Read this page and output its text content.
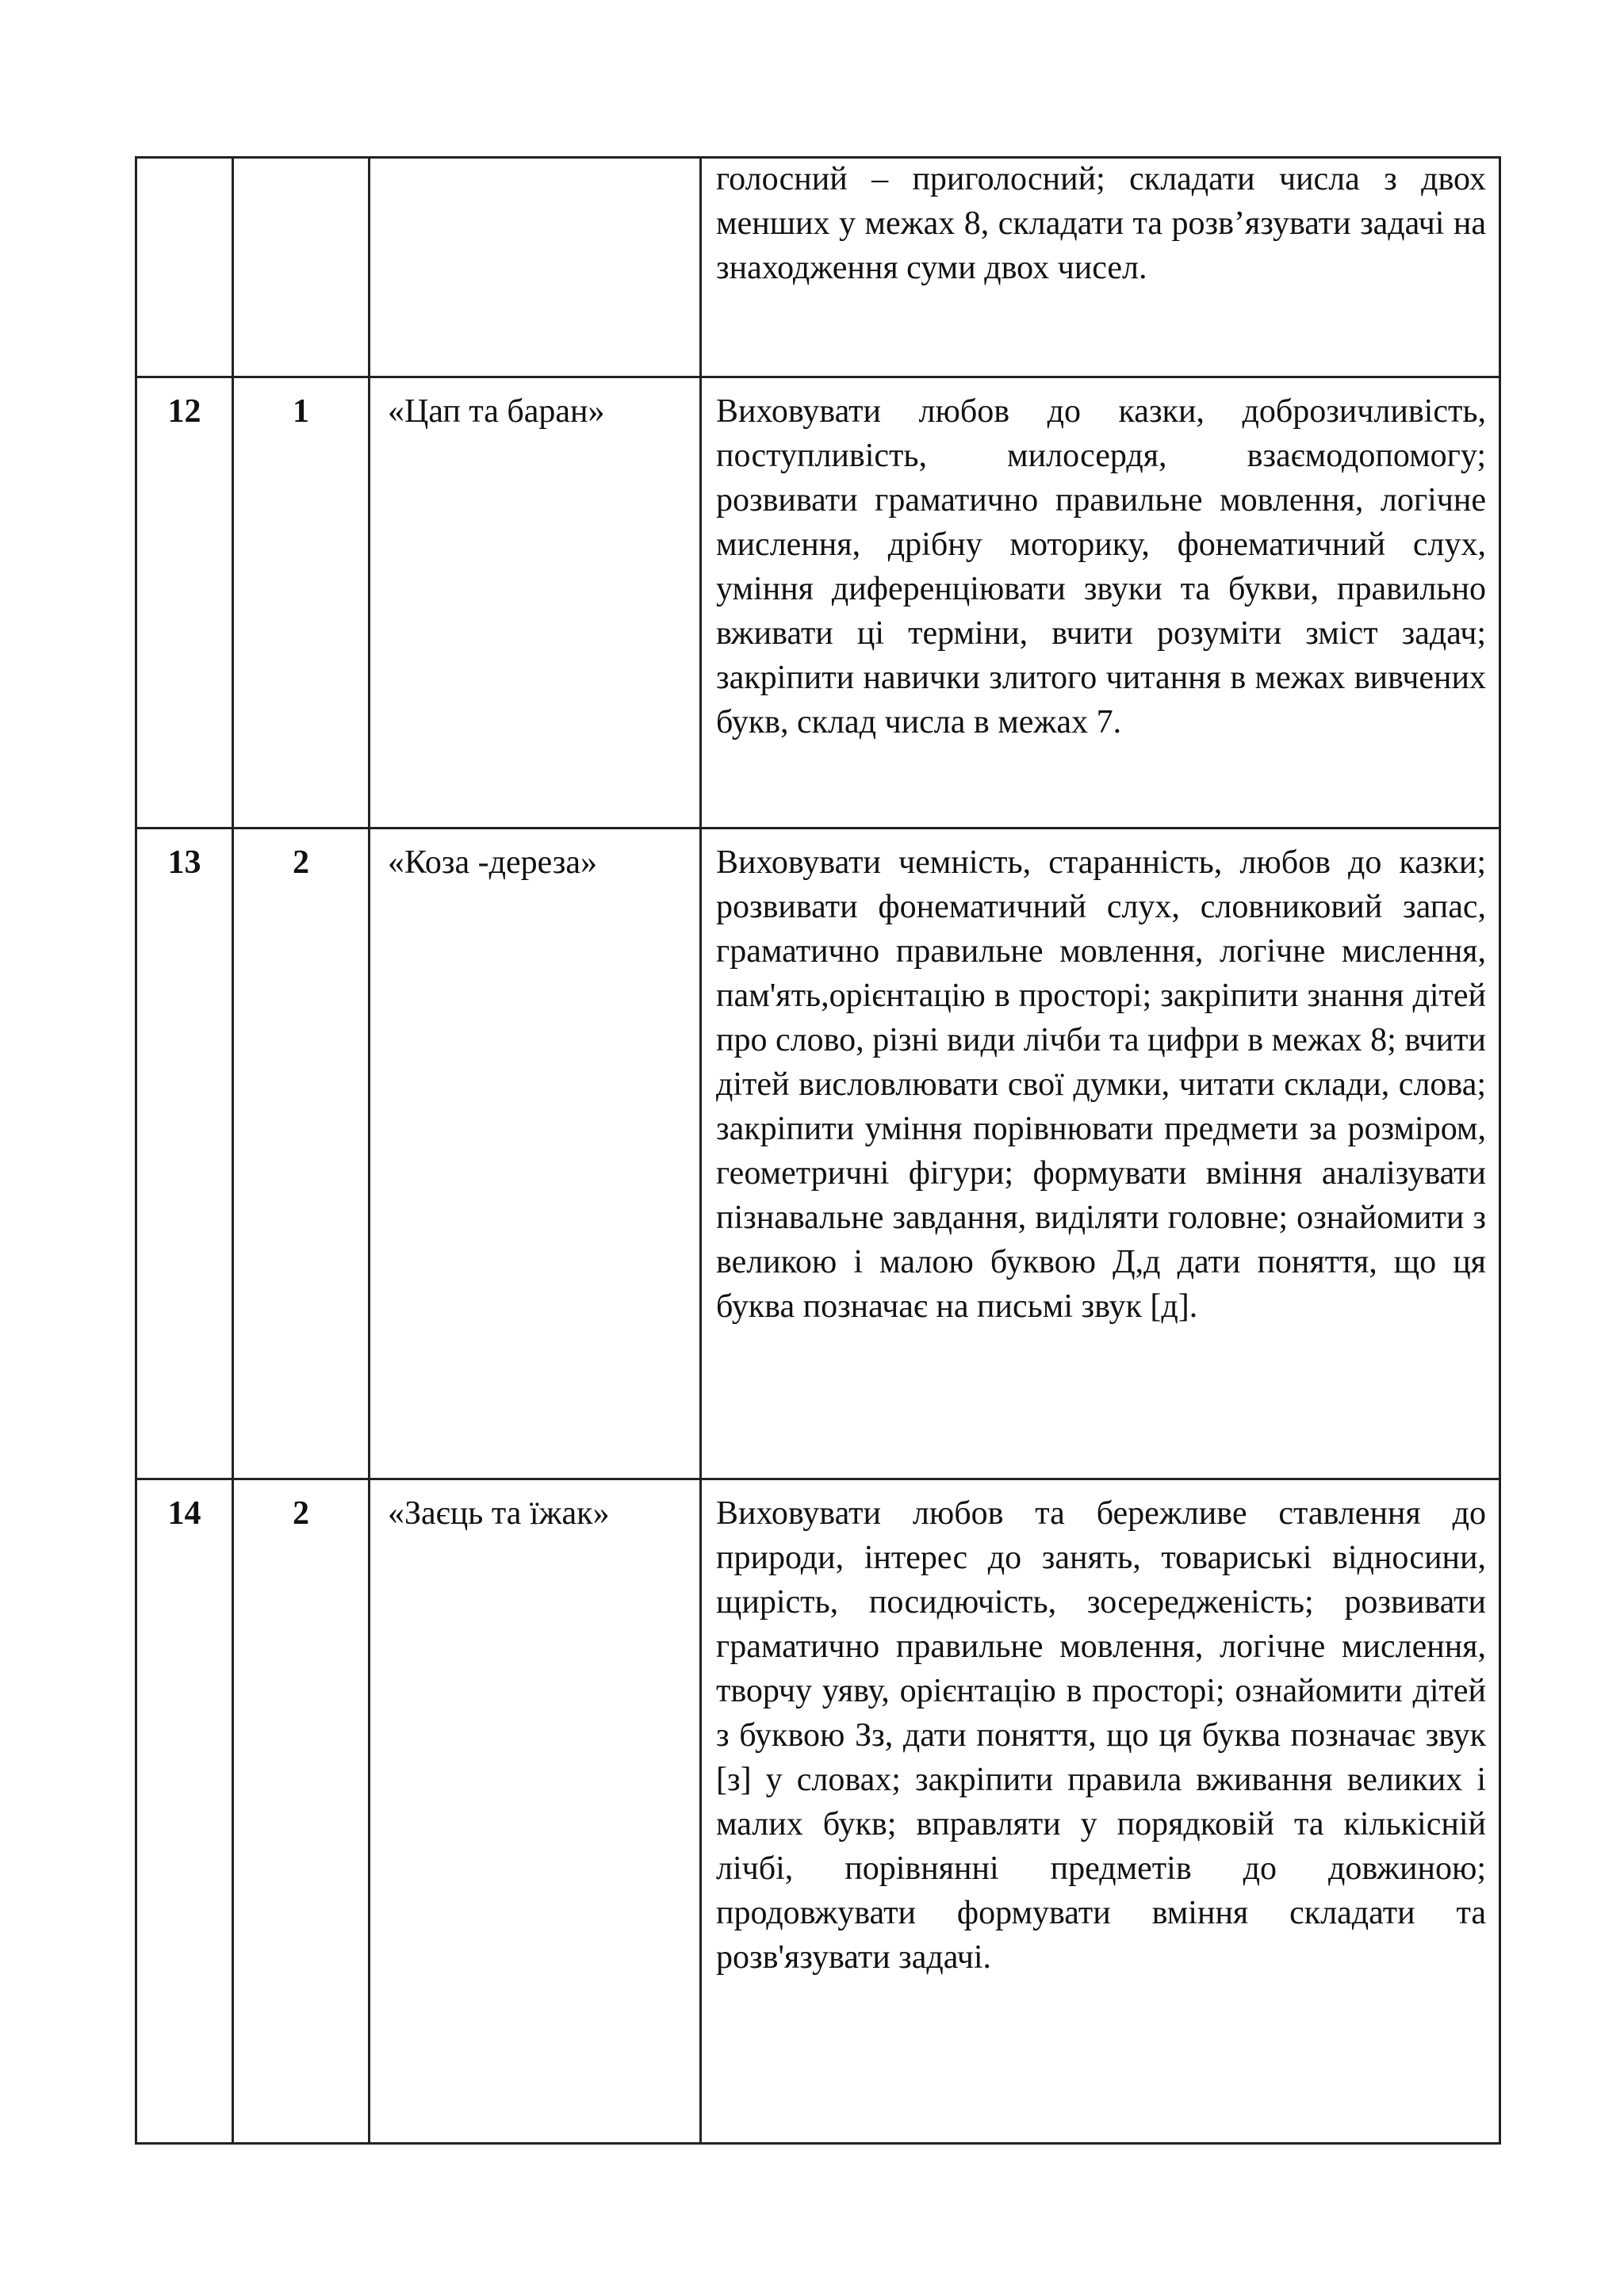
			голосний – приголосний; складати числа з двох менших у межах 8, складати та розв’язувати задачі на знаходження суми двох чисел.

12	1	«Цап та баран»	Виховувати любов до казки, доброзичливість, поступливість, милосердя, взаємодопомогу; розвивати граматично правильне мовлення, логічне мислення, дрібну моторику, фонематичний слух, уміння диференціювати звуки та букви, правильно вживати ці терміни, вчити розуміти зміст задач; закріпити навички злитого читання в межах вивчених букв, склад числа в межах 7.

13	2	«Коза -дереза»	Виховувати чемність, старанність, любов до казки; розвивати фонематичний слух, словниковий запас, граматично правильне мовлення, логічне мислення, пам'ять,орієнтацію в просторі; закріпити знання дітей про слово, різні види лічби та цифри в межах 8; вчити дітей висловлювати свої думки, читати склади, слова; закріпити уміння порівнювати предмети за розміром, геометричні фігури; формувати вміння аналізувати пізнавальне завдання, виділяти головне; ознайомити з великою і малою буквою Д,д дати поняття, що ця буква позначає на письмі звук [д].

14	2	«Заєць та їжак»	Виховувати любов та бережливе ставлення до природи, інтерес до занять, товариські відносини, щирість, посидючість, зосередженість; розвивати граматично правильне мовлення, логічне мислення, творчу уяву, орієнтацію в просторі; ознайомити дітей з буквою Зз, дати поняття, що ця буква позначає звук [з] у словах; закріпити правила вживання великих і малих букв; вправляти у порядковій та кількісній лічбі, порівнянні предметів до довжиною; продовжувати формувати вміння складати та розв'язувати задачі.
